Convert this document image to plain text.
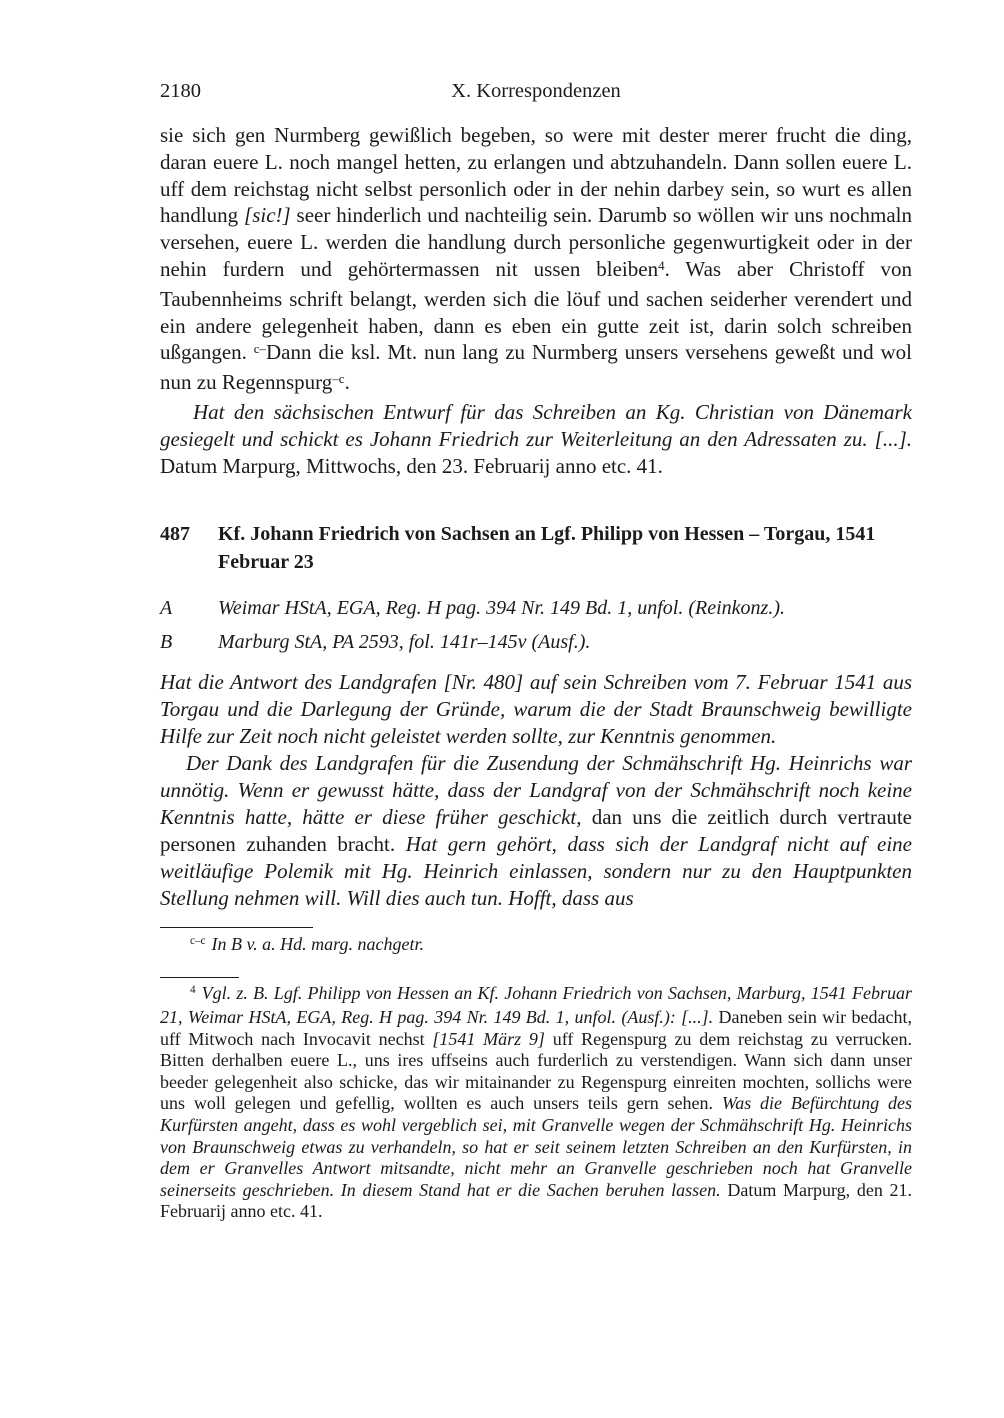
2180	X. Korrespondenzen

sie sich gen Nurmberg gewißlich begeben, so were mit dester merer frucht die ding, daran euere L. noch mangel hetten, zu erlangen und abtzuhandeln. Dann sollen euere L. uff dem reichstag nicht selbst personlich oder in der nehin darbey sein, so wurt es allen handlung [sic!] seer hinderlich und nachteilig sein. Darumb so wöllen wir uns nochmaln versehen, euere L. werden die handlung durch personliche gegenwurtigkeit oder in der nehin furdern und gehörtermassen nit ussen bleiben$^4$. Was aber Christoff von Taubennheims schrift belangt, werden sich die löuf und sachen seiderher verendert und ein andere gelegenheit haben, dann es eben ein gutte zeit ist, darin solch schreiben ußgangen. $^{c-}$Dann die ksl. Mt. nun lang zu Nurmberg unsers versehens geweßt und wol nun zu Regennspurg$^{-c}$.

Hat den sächsischen Entwurf für das Schreiben an Kg. Christian von Dänemark gesiegelt und schickt es Johann Friedrich zur Weiterleitung an den Adressaten zu. [...]. Datum Marpurg, Mittwochs, den 23. Februarij anno etc. 41.

487	Kf. Johann Friedrich von Sachsen an Lgf. Philipp von Hessen – Torgau, 1541 Februar 23
A	Weimar HStA, EGA, Reg. H pag. 394 Nr. 149 Bd. 1, unfol. (Reinkonz.).
B	Marburg StA, PA 2593, fol. 141r–145v (Ausf.).

Hat die Antwort des Landgrafen [Nr. 480] auf sein Schreiben vom 7. Februar 1541 aus Torgau und die Darlegung der Gründe, warum die der Stadt Braunschweig bewilligte Hilfe zur Zeit noch nicht geleistet werden sollte, zur Kenntnis genommen.

Der Dank des Landgrafen für die Zusendung der Schmähschrift Hg. Heinrichs war unnötig. Wenn er gewusst hätte, dass der Landgraf von der Schmähschrift noch keine Kenntnis hatte, hätte er diese früher geschickt, dan uns die zeitlich durch vertraute personen zuhanden bracht. Hat gern gehört, dass sich der Landgraf nicht auf eine weitläufige Polemik mit Hg. Heinrich einlassen, sondern nur zu den Hauptpunkten Stellung nehmen will. Will dies auch tun. Hofft, dass aus

$^{c-c}$ In B v. a. Hd. marg. nachgetr.

$^4$ Vgl. z. B. Lgf. Philipp von Hessen an Kf. Johann Friedrich von Sachsen, Marburg, 1541 Februar 21, Weimar HStA, EGA, Reg. H pag. 394 Nr. 149 Bd. 1, unfol. (Ausf.): [...]. Daneben sein wir bedacht, uff Mitwoch nach Invocavit nechst [1541 März 9] uff Regenspurg zu dem reichstag zu verrucken. Bitten derhalben euere L., uns ires uffseins auch furderlich zu verstendigen. Wann sich dann unser beeder gelegenheit also schicke, das wir mitainander zu Regenspurg einreiten mochten, sollichs were uns woll gelegen und gefellig, wollten es auch unsers teils gern sehen. Was die Befürchtung des Kurfürsten angeht, dass es wohl vergeblich sei, mit Granvelle wegen der Schmähschrift Hg. Heinrichs von Braunschweig etwas zu verhandeln, so hat er seit seinem letzten Schreiben an den Kurfürsten, in dem er Granvelles Antwort mitsandte, nicht mehr an Granvelle geschrieben noch hat Granvelle seinerseits geschrieben. In diesem Stand hat er die Sachen beruhen lassen. Datum Marpurg, den 21. Februarij anno etc. 41.
